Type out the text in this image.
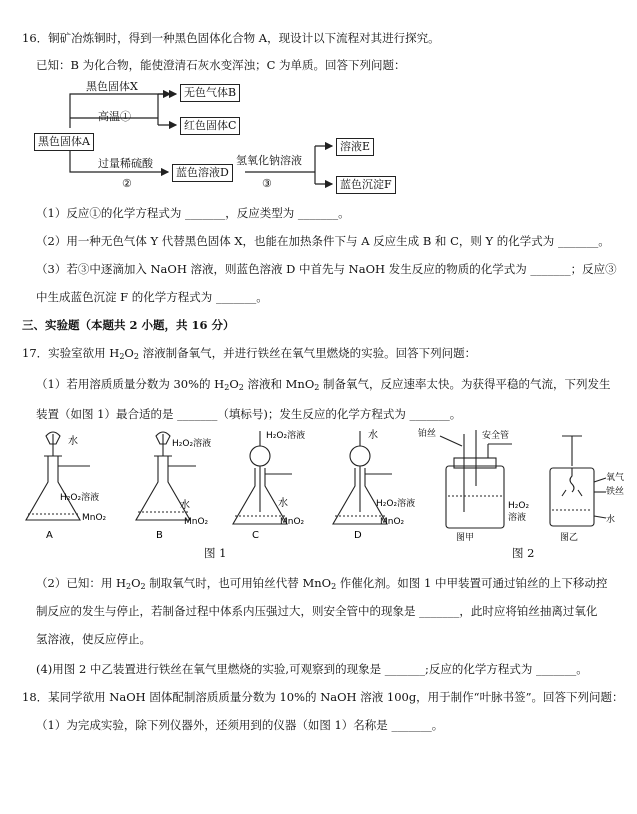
16．铜矿冶炼铜时，得到一种黑色固体化合物 A，现设计以下流程对其进行探究。
已知：B 为化合物，能使澄清石灰水变浑浊；C 为单质。回答下列问题：
黑色固体A
黑色固体X
高温①
无色气体B
红色固体C
过量稀硫酸
②
蓝色溶液D
氢氧化钠溶液
③
溶液E
蓝色沉淀F
（1）反应①的化学方程式为 _______，反应类型为 _______。
（2）用一种无色气体 Y 代替黑色固体 X，也能在加热条件下与 A 反应生成 B 和 C，则 Y 的化学式为 _______。
（3）若③中逐滴加入 NaOH 溶液，则蓝色溶液 D 中首先与 NaOH 发生反应的物质的化学式为 _______；反应③
中生成蓝色沉淀 F 的化学方程式为 _______。
三、实验题（本题共 2 小题，共 16 分）
17．实验室欲用 $H_2O_2$ 溶液制备氧气，并进行铁丝在氧气里燃烧的实验。回答下列问题：
（1）若用溶质质量分数为 30%的 $H_2O_2$ 溶液和 MnO$_2$ 制备氧气，反应速率太快。为获得平稳的气流，下列发生
装置（如图 1）最合适的是 _______（填标号)；发生反应的化学方程式为 _______。
水
H₂O₂溶液
MnO₂
A
H₂O₂溶液
水
MnO₂
B
H₂O₂溶液
水
MnO₂
C
水
H₂O₂溶液
MnO₂
D
铂丝	安全管
H₂O₂
溶液
图甲
氧气
铁丝
水
图乙
图 1	图 2
（2）已知：用 $H_2O_2$ 制取氧气时，也可用铂丝代替 MnO$_2$ 作催化剂。如图 1 中甲装置可通过铂丝的上下移动控
制反应的发生与停止，若制备过程中体系内压强过大，则安全管中的现象是 _______，此时应将铂丝抽离过氧化
氢溶液，使反应停止。
(4)用图 2 中乙装置进行铁丝在氧气里燃烧的实验,可观察到的现象是 _______;反应的化学方程式为 _______。
18．某同学欲用 NaOH 固体配制溶质质量分数为 10%的 NaOH 溶液 100g，用于制作“叶脉书签”。回答下列问题：
（1）为完成实验，除下列仪器外，还须用到的仪器（如图 1）名称是 _______。
